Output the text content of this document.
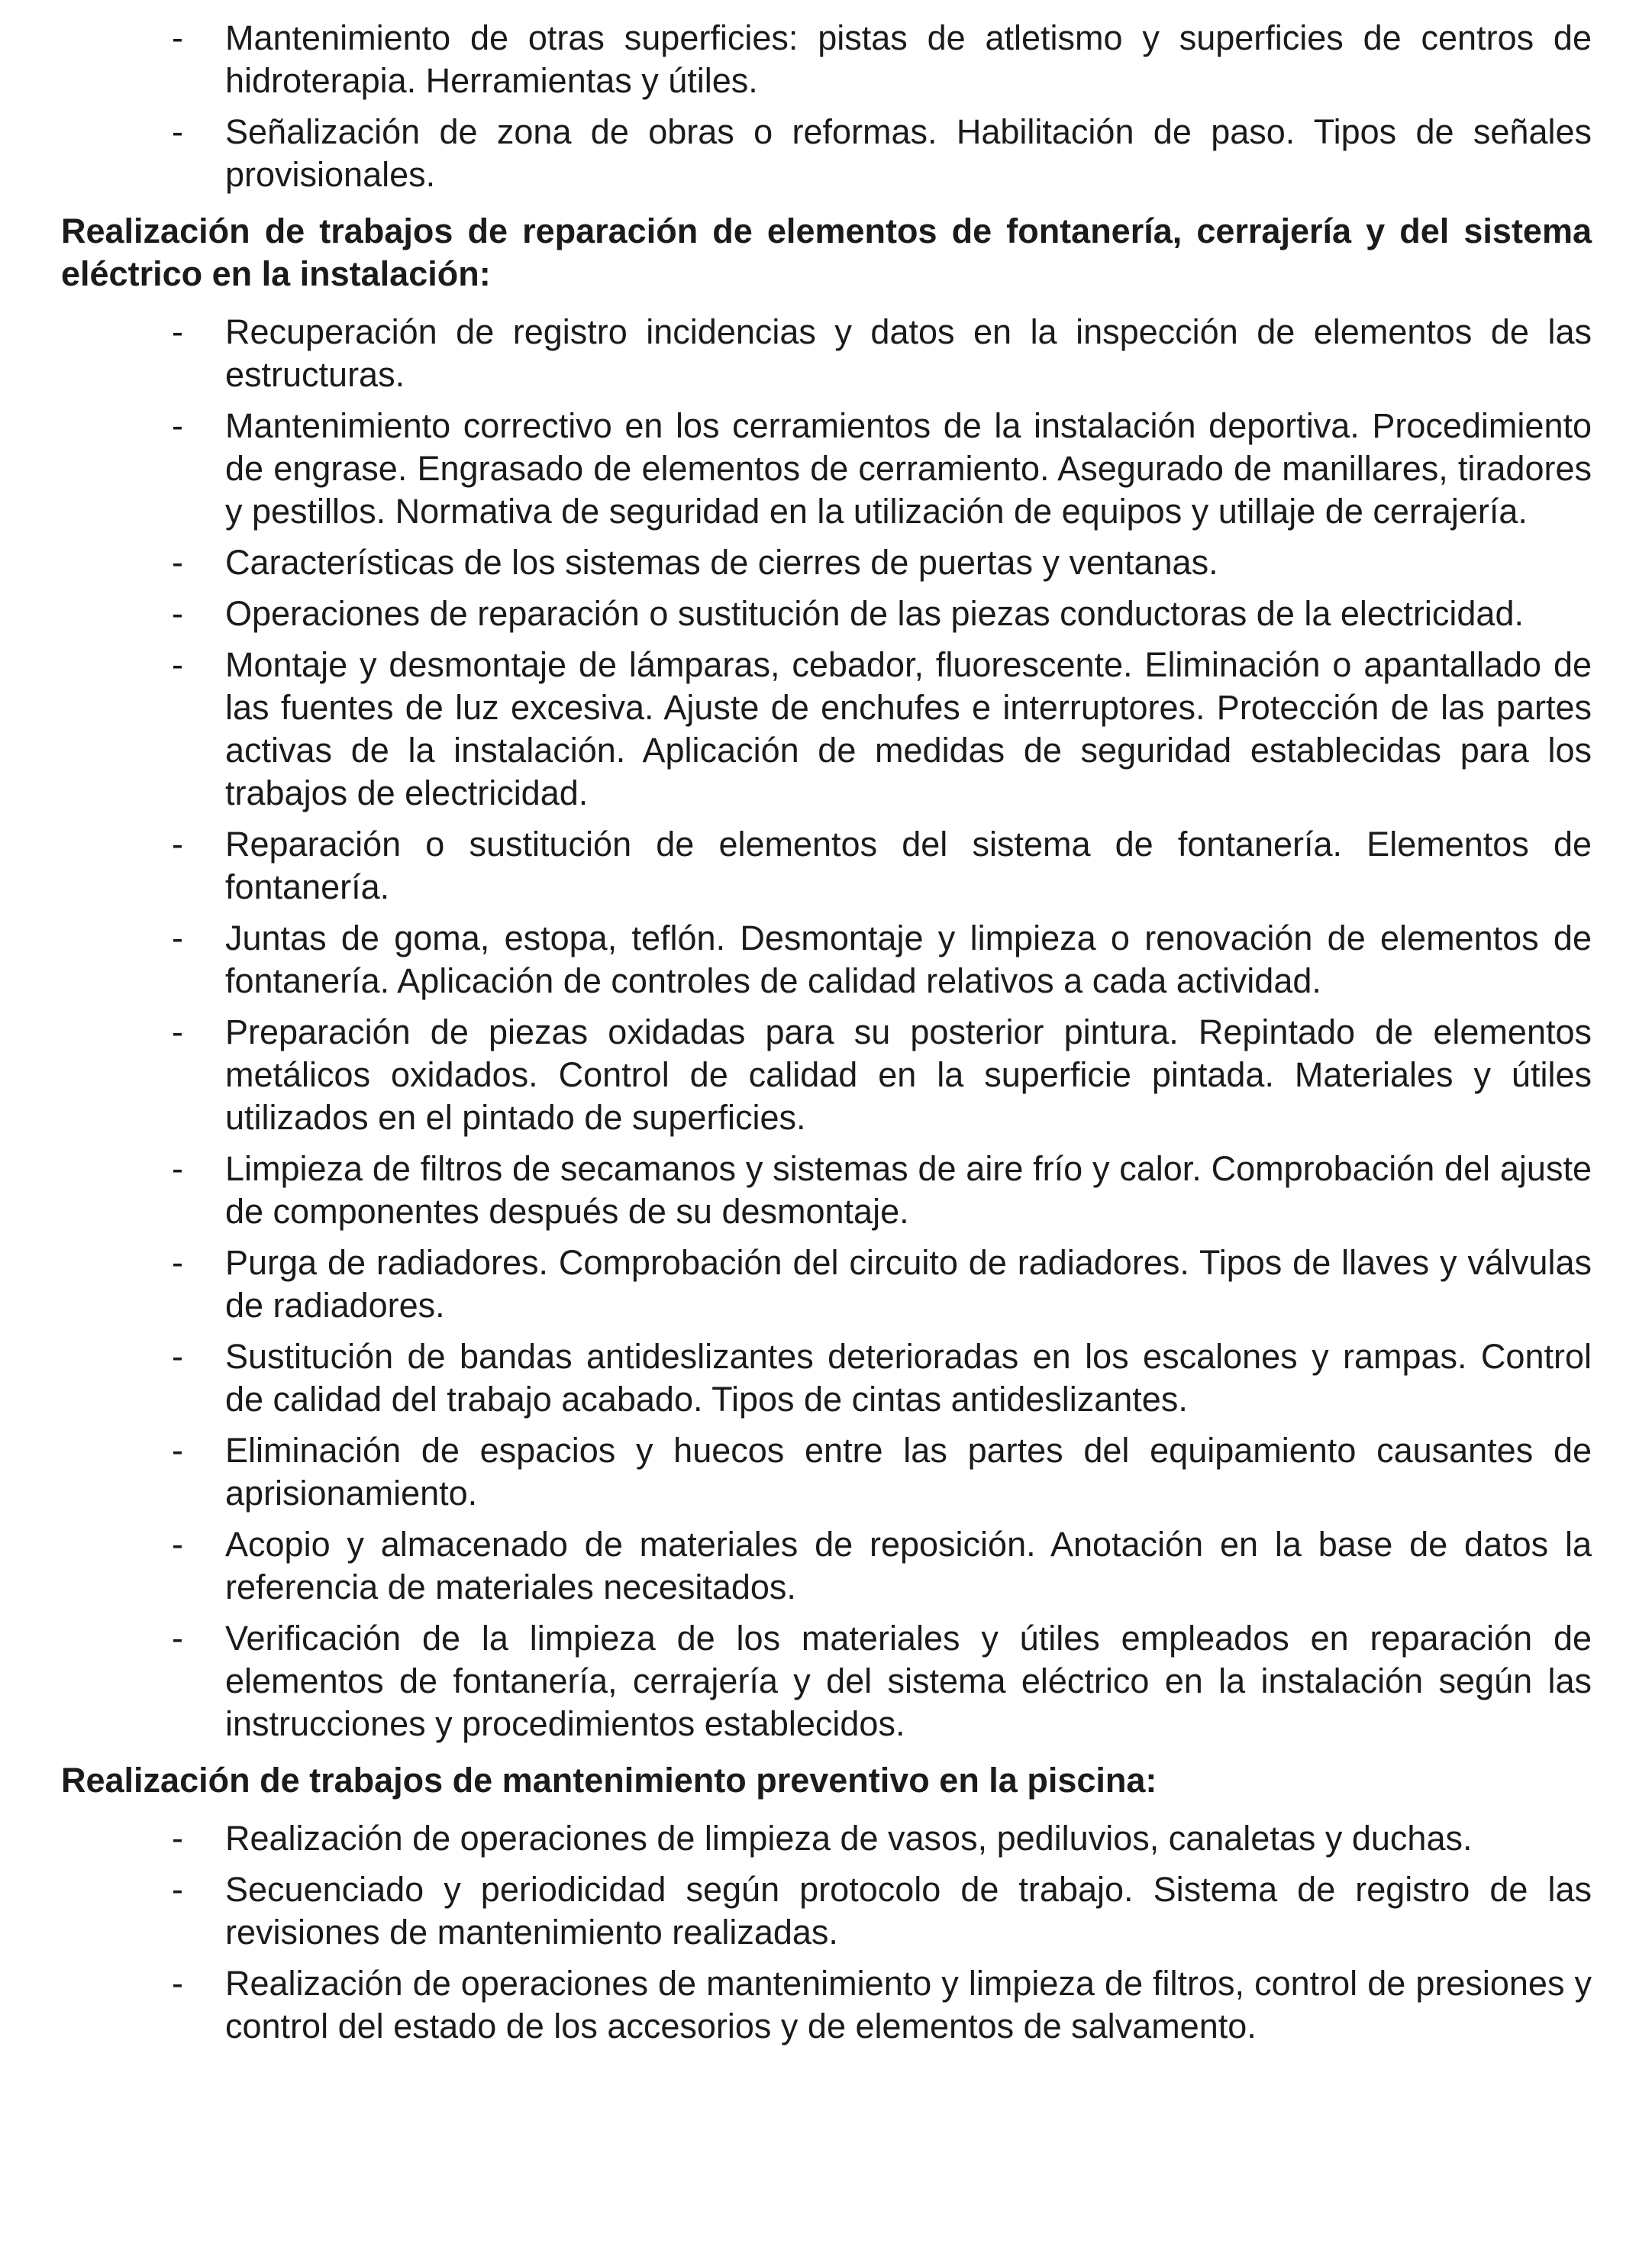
- Mantenimiento de otras superficies: pistas de atletismo y superficies de centros de hidroterapia. Herramientas y útiles.
- Señalización de zona de obras o reformas. Habilitación de paso. Tipos de señales provisionales.
Realización de trabajos de reparación de elementos de fontanería, cerrajería y del sistema eléctrico en la instalación:
- Recuperación de registro incidencias y datos en la inspección de elementos de las estructuras.
- Mantenimiento correctivo en los cerramientos de la instalación deportiva. Procedimiento de engrase. Engrasado de elementos de cerramiento. Asegurado de manillares, tiradores y pestillos. Normativa de seguridad en la utilización de equipos y utillaje de cerrajería.
- Características de los sistemas de cierres de puertas y ventanas.
- Operaciones de reparación o sustitución de las piezas conductoras de la electricidad.
- Montaje y desmontaje de lámparas, cebador, fluorescente. Eliminación o apantallado de las fuentes de luz excesiva. Ajuste de enchufes e interruptores. Protección de las partes activas de la instalación. Aplicación de medidas de seguridad establecidas para los trabajos de electricidad.
- Reparación o sustitución de elementos del sistema de fontanería. Elementos de fontanería.
- Juntas de goma, estopa, teflón. Desmontaje y limpieza o renovación de elementos de fontanería. Aplicación de controles de calidad relativos a cada actividad.
- Preparación de piezas oxidadas para su posterior pintura. Repintado de elementos metálicos oxidados. Control de calidad en la superficie pintada. Materiales y útiles utilizados en el pintado de superficies.
- Limpieza de filtros de secamanos y sistemas de aire frío y calor. Comprobación del ajuste de componentes después de su desmontaje.
- Purga de radiadores. Comprobación del circuito de radiadores. Tipos de llaves y válvulas de radiadores.
- Sustitución de bandas antideslizantes deterioradas en los escalones y rampas. Control de calidad del trabajo acabado. Tipos de cintas antideslizantes.
- Eliminación de espacios y huecos entre las partes del equipamiento causantes de aprisionamiento.
- Acopio y almacenado de materiales de reposición. Anotación en la base de datos la referencia de materiales necesitados.
- Verificación de la limpieza de los materiales y útiles empleados en reparación de elementos de fontanería, cerrajería y del sistema eléctrico en la instalación según las instrucciones y procedimientos establecidos.
Realización de trabajos de mantenimiento preventivo en la piscina:
- Realización de operaciones de limpieza de vasos, pediluvios, canaletas y duchas.
- Secuenciado y periodicidad según protocolo de trabajo. Sistema de registro de las revisiones de mantenimiento realizadas.
- Realización de operaciones de mantenimiento y limpieza de filtros, control de presiones y control del estado de los accesorios y de elementos de salvamento.
